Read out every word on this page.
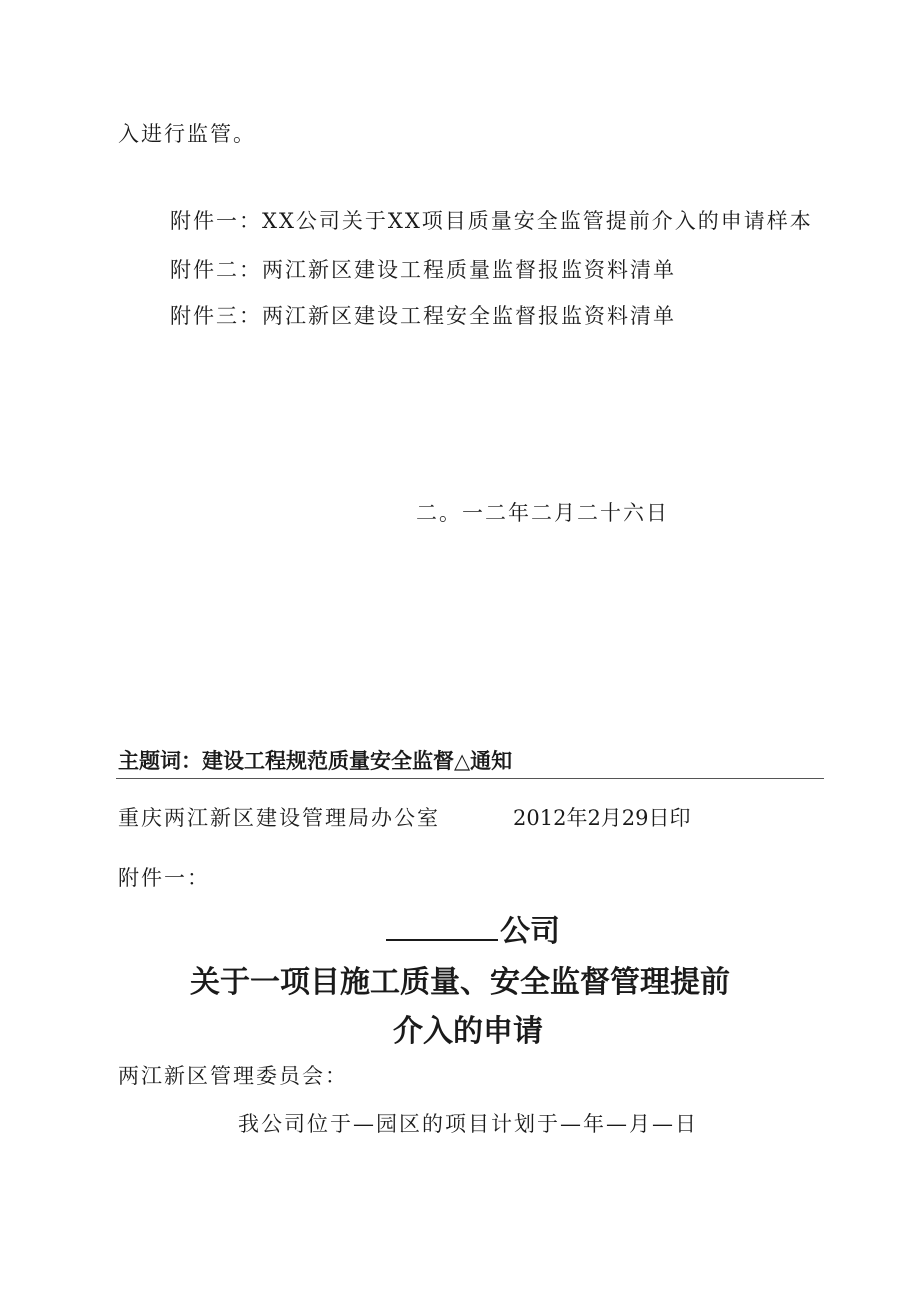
入进行监管。
附件一：XX公司关于XX项目质量安全监管提前介入的申请样本
附件二：两江新区建设工程质量监督报监资料清单
附件三：两江新区建设工程安全监督报监资料清单
二。一二年二月二十六日
主题词：建设工程规范质量安全监督△通知
重庆两江新区建设管理局办公室	2012年2月29日印
附件一：
公司
关于一项目施工质量、安全监督管理提前
介入的申请
两江新区管理委员会：
我公司位于—园区的项目计划于—年—月—日
